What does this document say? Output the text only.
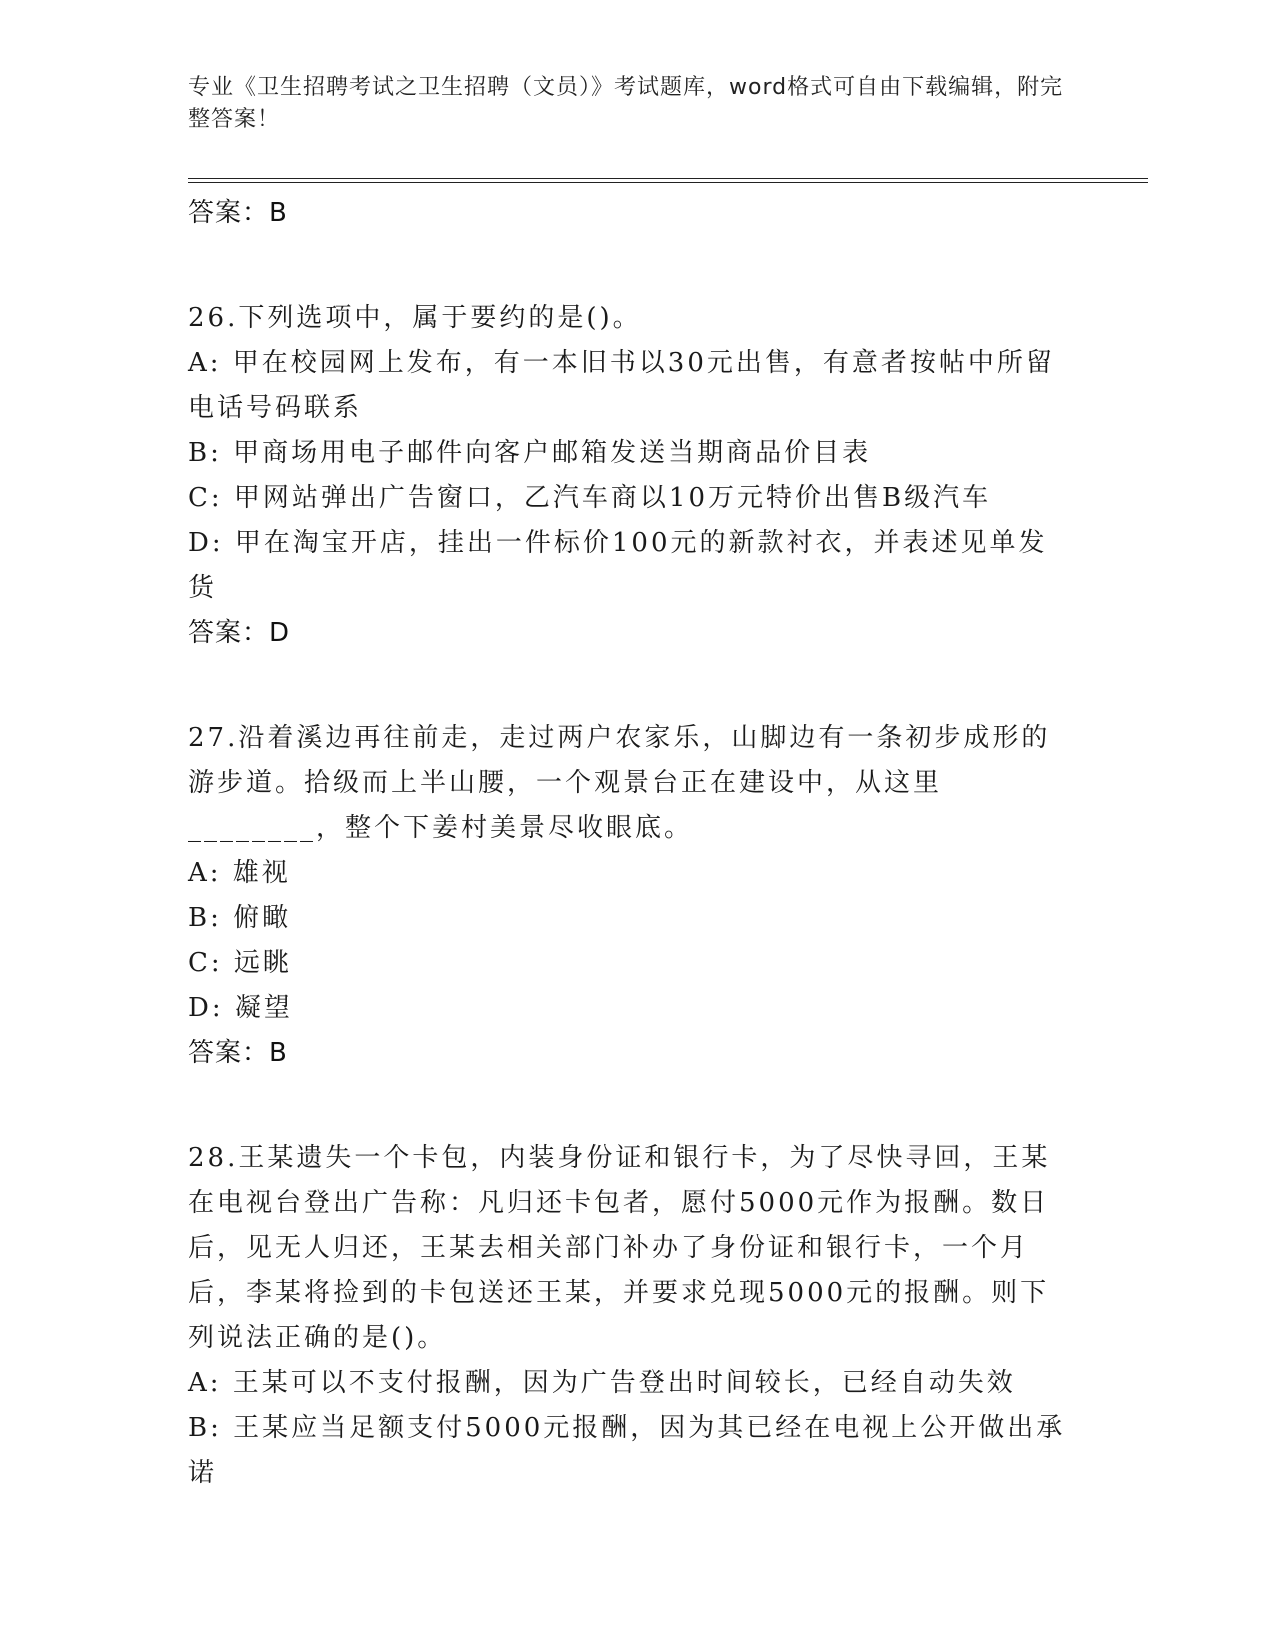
专业《卫生招聘考试之卫生招聘（文员）》考试题库，word格式可自由下载编辑，附完整答案！
答案：B
26.下列选项中，属于要约的是()。
A: 甲在校园网上发布，有一本旧书以30元出售，有意者按帖中所留电话号码联系
B: 甲商场用电子邮件向客户邮箱发送当期商品价目表
C: 甲网站弹出广告窗口，乙汽车商以10万元特价出售B级汽车
D: 甲在淘宝开店，挂出一件标价100元的新款衬衣，并表述见单发货
答案：D
27.沿着溪边再往前走，走过两户农家乐，山脚边有一条初步成形的游步道。拾级而上半山腰，一个观景台正在建设中，从这里________，整个下姜村美景尽收眼底。
A: 雄视
B: 俯瞰
C: 远眺
D: 凝望
答案：B
28.王某遗失一个卡包，内装身份证和银行卡，为了尽快寻回，王某在电视台登出广告称：凡归还卡包者，愿付5000元作为报酬。数日后，见无人归还，王某去相关部门补办了身份证和银行卡，一个月后，李某将捡到的卡包送还王某，并要求兑现5000元的报酬。则下列说法正确的是()。
A: 王某可以不支付报酬，因为广告登出时间较长，已经自动失效
B: 王某应当足额支付5000元报酬，因为其已经在电视上公开做出承诺
